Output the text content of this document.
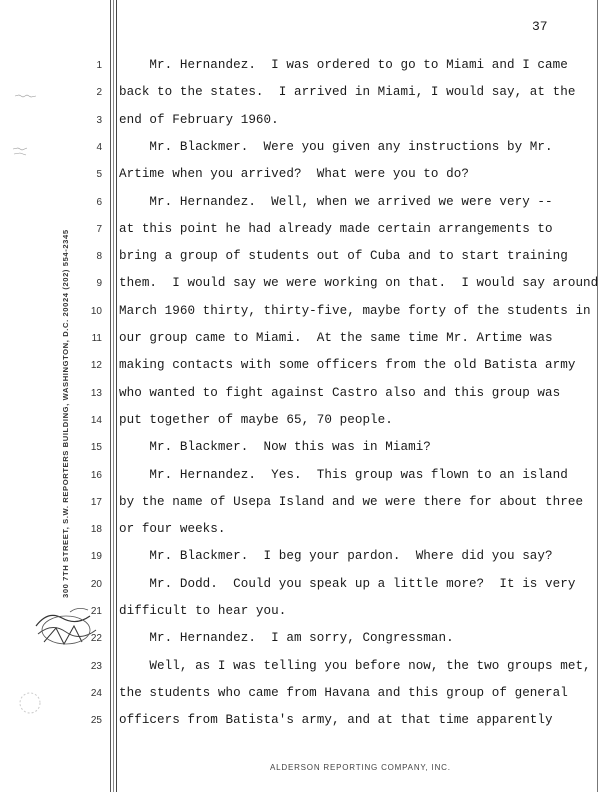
37
1 Mr. Hernandez.  I was ordered to go to Miami and I came
2 back to the states.  I arrived in Miami, I would say, at the
3 end of February 1960.
4 Mr. Blackmer.  Were you given any instructions by Mr.
5 Artime when you arrived?  What were you to do?
6 Mr. Hernandez.  Well, when we arrived we were very --
7 at this point he had already made certain arrangements to
8 bring a group of students out of Cuba and to start training
9 them.  I would say we were working on that.  I would say around
10 March 1960 thirty, thirty-five, maybe forty of the students in
11 our group came to Miami.  At the same time Mr. Artime was
12 making contacts with some officers from the old Batista army
13 who wanted to fight against Castro also and this group was
14 put together of maybe 65, 70 people.
15 Mr. Blackmer.  Now this was in Miami?
16 Mr. Hernandez.  Yes.  This group was flown to an island
17 by the name of Usepa Island and we were there for about three
18 or four weeks.
19 Mr. Blackmer.  I beg your pardon.  Where did you say?
20 Mr. Dodd.  Could you speak up a little more?  It is very
21 difficult to hear you.
22 Mr. Hernandez.  I am sorry, Congressman.
23 Well, as I was telling you before now, the two groups met,
24 the students who came from Havana and this group of general
25 officers from Batista's army, and at that time apparently
300 7TH STREET, S.W. REPORTERS BUILDING, WASHINGTON, D.C. 20024 (202) 554-2345
ALDERSON REPORTING COMPANY, INC.
